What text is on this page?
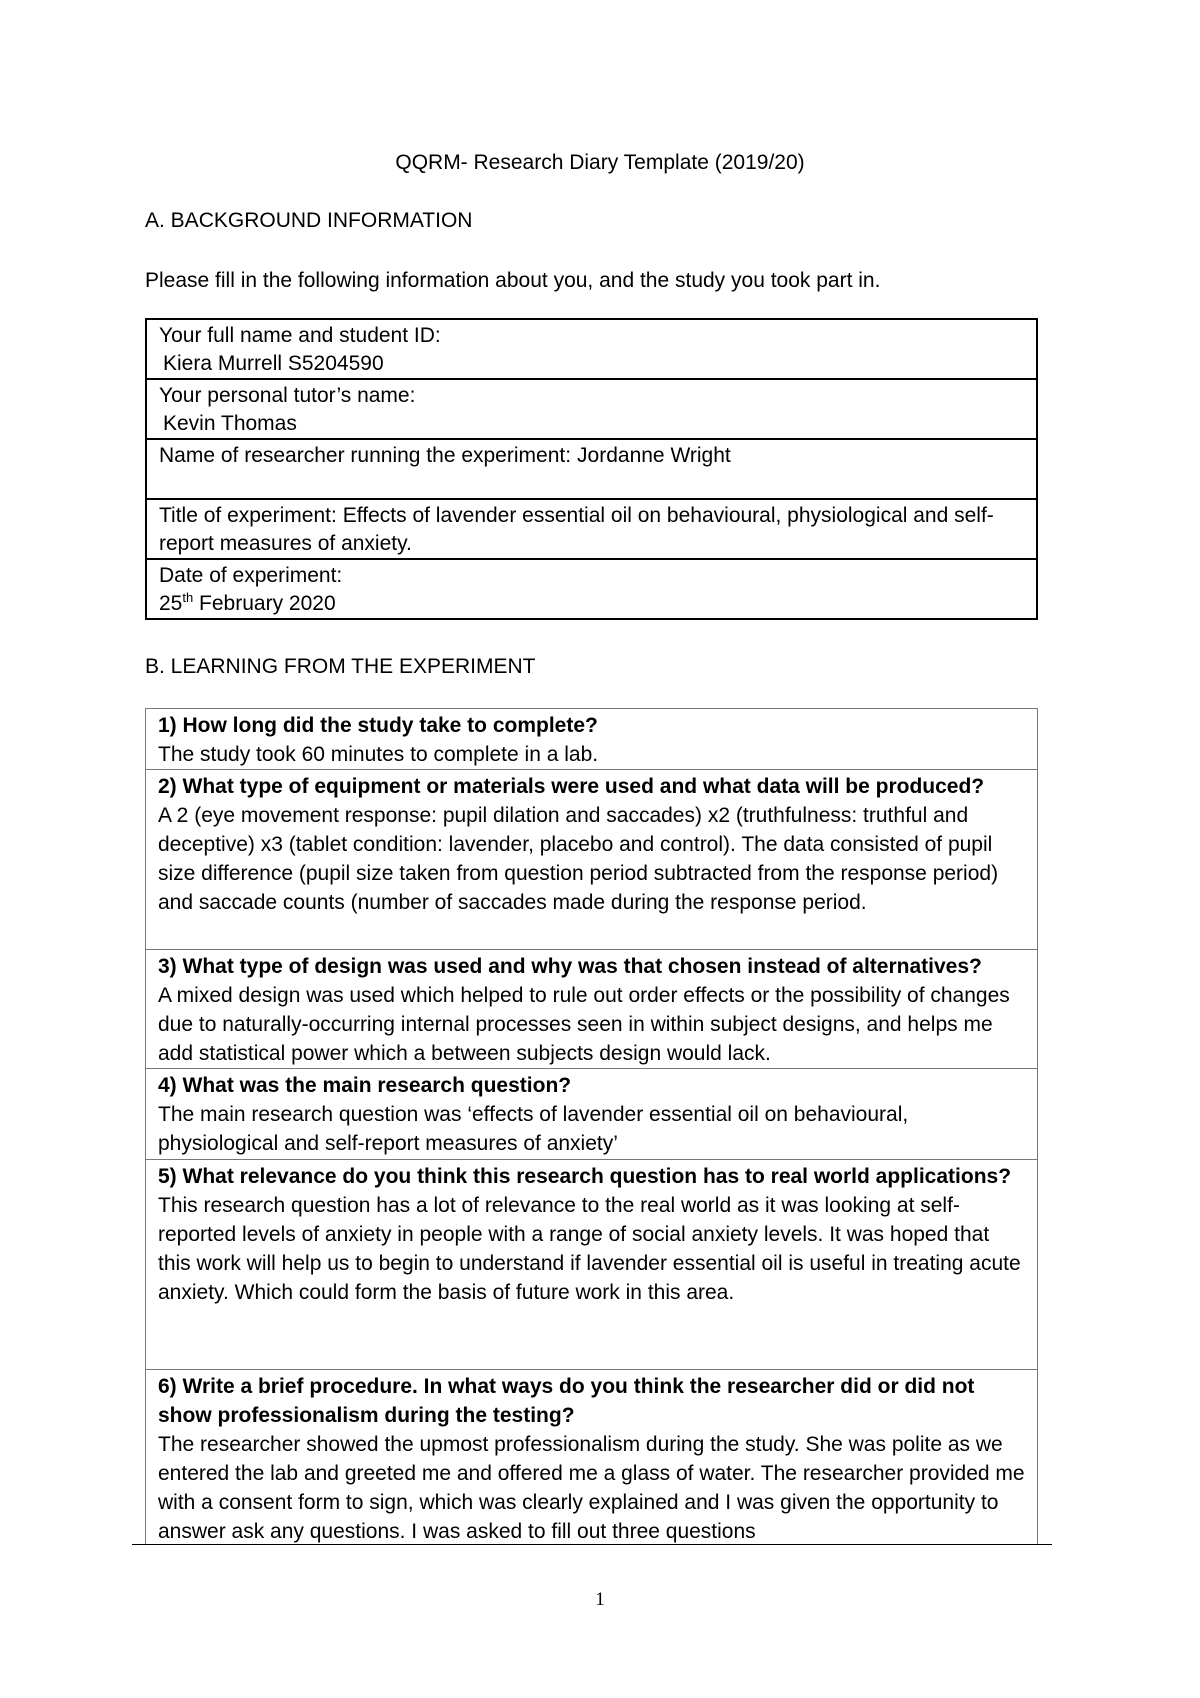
QQRM- Research Diary Template (2019/20)
A. BACKGROUND INFORMATION
Please fill in the following information about you, and the study you took part in.
Your full name and student ID:
Kiera Murrell S5204590
Your personal tutor’s name:
Kevin Thomas
Name of researcher running the experiment: Jordanne Wright
Title of experiment: Effects of lavender essential oil on behavioural, physiological and self-report measures of anxiety.
Date of experiment:
25th February 2020
B. LEARNING FROM THE EXPERIMENT
1) How long did the study take to complete?
The study took 60 minutes to complete in a lab.
2) What type of equipment or materials were used and what data will be produced?
A 2 (eye movement response: pupil dilation and saccades) x2 (truthfulness: truthful and deceptive) x3 (tablet condition: lavender, placebo and control). The data consisted of pupil size difference (pupil size taken from question period subtracted from the response period) and saccade counts (number of saccades made during the response period.
3) What type of design was used and why was that chosen instead of alternatives?
A mixed design was used which helped to rule out order effects or the possibility of changes due to naturally-occurring internal processes seen in within subject designs, and helps me add statistical power which a between subjects design would lack.
4) What was the main research question?
The main research question was ‘effects of lavender essential oil on behavioural, physiological and self-report measures of anxiety’
5) What relevance do you think this research question has to real world applications?
This research question has a lot of relevance to the real world as it was looking at self-reported levels of anxiety in people with a range of social anxiety levels. It was hoped that this work will help us to begin to understand if lavender essential oil is useful in treating acute anxiety. Which could form the basis of future work in this area.
6) Write a brief procedure. In what ways do you think the researcher did or did not show professionalism during the testing?
The researcher showed the upmost professionalism during the study. She was polite as we entered the lab and greeted me and offered me a glass of water. The researcher provided me with a consent form to sign, which was clearly explained and I was given the opportunity to answer ask any questions. I was asked to fill out three questions
1
